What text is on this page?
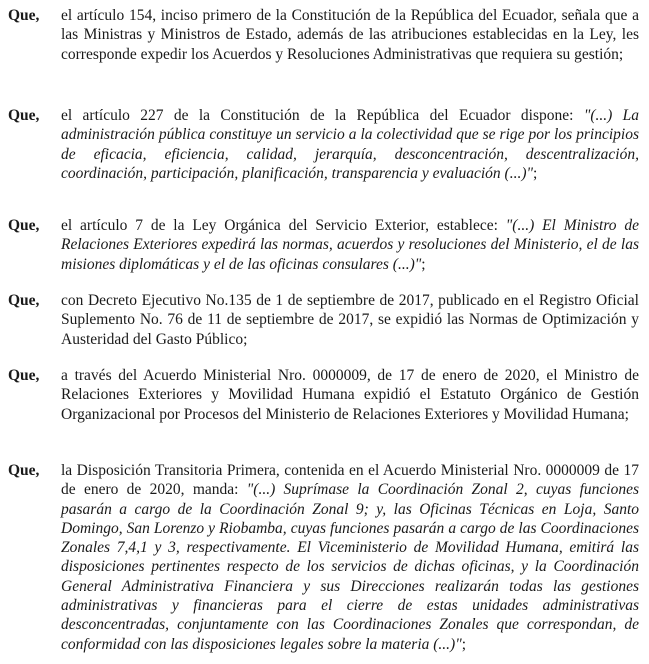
Que, el artículo 154, inciso primero de la Constitución de la República del Ecuador, señala que a las Ministras y Ministros de Estado, además de las atribuciones establecidas en la Ley, les corresponde expedir los Acuerdos y Resoluciones Administrativas que requiera su gestión;
Que, el artículo 227 de la Constitución de la República del Ecuador dispone: "(...) La administración pública constituye un servicio a la colectividad que se rige por los principios de eficacia, eficiencia, calidad, jerarquía, desconcentración, descentralización, coordinación, participación, planificación, transparencia y evaluación (...)";
Que, el artículo 7 de la Ley Orgánica del Servicio Exterior, establece: "(...) El Ministro de Relaciones Exteriores expedirá las normas, acuerdos y resoluciones del Ministerio, el de las misiones diplomáticas y el de las oficinas consulares (...)";
Que, con Decreto Ejecutivo No.135 de 1 de septiembre de 2017, publicado en el Registro Oficial Suplemento No. 76 de 11 de septiembre de 2017, se expidió las Normas de Optimización y Austeridad del Gasto Público;
Que, a través del Acuerdo Ministerial Nro. 0000009, de 17 de enero de 2020, el Ministro de Relaciones Exteriores y Movilidad Humana expidió el Estatuto Orgánico de Gestión Organizacional por Procesos del Ministerio de Relaciones Exteriores y Movilidad Humana;
Que, la Disposición Transitoria Primera, contenida en el Acuerdo Ministerial Nro. 0000009 de 17 de enero de 2020, manda: "(...) Suprímase la Coordinación Zonal 2, cuyas funciones pasarán a cargo de la Coordinación Zonal 9; y, las Oficinas Técnicas en Loja, Santo Domingo, San Lorenzo y Riobamba, cuyas funciones pasarán a cargo de las Coordinaciones Zonales 7,4,1 y 3, respectivamente. El Viceministerio de Movilidad Humana, emitirá las disposiciones pertinentes respecto de los servicios de dichas oficinas, y la Coordinación General Administrativa Financiera y sus Direcciones realizarán todas las gestiones administrativas y financieras para el cierre de estas unidades administrativas desconcentradas, conjuntamente con las Coordinaciones Zonales que correspondan, de conformidad con las disposiciones legales sobre la materia (...)";
